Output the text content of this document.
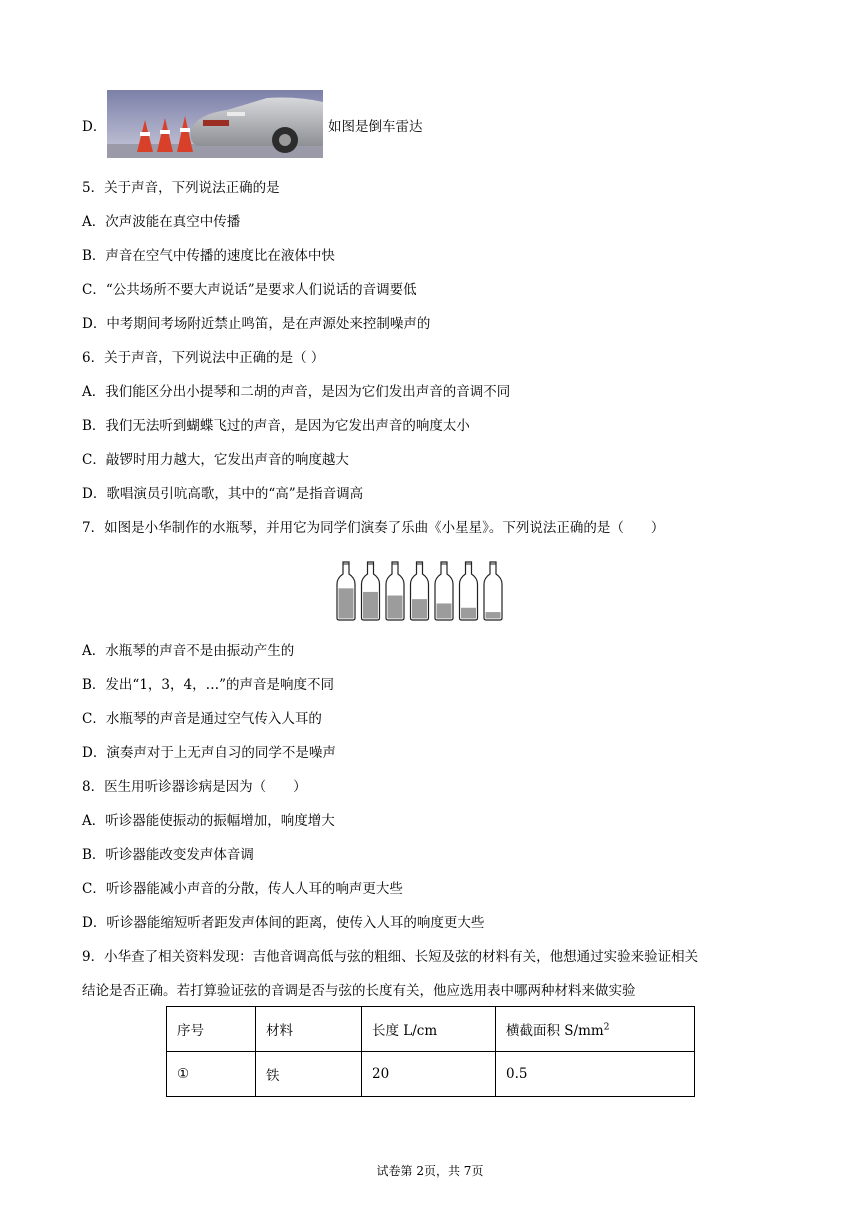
D．	如图是倒车雷达
5．关于声音，下列说法正确的是
A．次声波能在真空中传播
B．声音在空气中传播的速度比在液体中快
C．“公共场所不要大声说话”是要求人们说话的音调要低
D．中考期间考场附近禁止鸣笛，是在声源处来控制噪声的
6．关于声音，下列说法中正确的是（ ）
A．我们能区分出小提琴和二胡的声音，是因为它们发出声音的音调不同
B．我们无法听到蝴蝶飞过的声音，是因为它发出声音的响度太小
C．敲锣时用力越大，它发出声音的响度越大
D．歌唱演员引吭高歌，其中的“高”是指音调高
7．如图是小华制作的水瓶琴，并用它为同学们演奏了乐曲《小星星》。下列说法正确的是（　　）
A．水瓶琴的声音不是由振动产生的
B．发出“1，3，4，…”的声音是响度不同
C．水瓶琴的声音是通过空气传入人耳的
D．演奏声对于上无声自习的同学不是噪声
8．医生用听诊器诊病是因为（　　）
A．听诊器能使振动的振幅增加，响度增大
B．听诊器能改变发声体音调
C．听诊器能减小声音的分散，传人人耳的响声更大些
D．听诊器能缩短听者距发声体间的距离，使传入人耳的响度更大些
9．小华查了相关资料发现：吉他音调高低与弦的粗细、长短及弦的材料有关，他想通过实验来验证相关
结论是否正确。若打算验证弦的音调是否与弦的长度有关，他应选用表中哪两种材料来做实验
序号	材料	长度 L/cm	横截面积 $S/mm^2$
①	铁	20	0.5
试卷第 2页，共 7页
